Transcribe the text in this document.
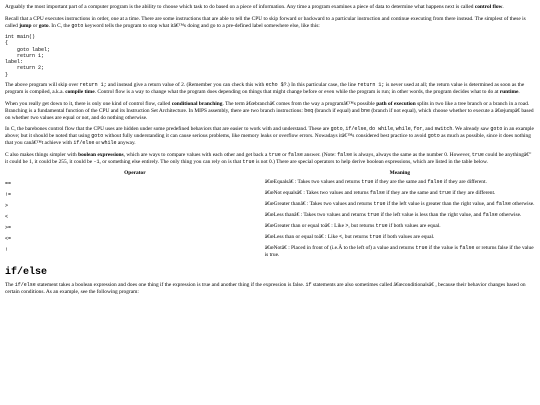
Arguably the most important part of a computer program is the ability to choose which task to do based on a piece of information. Any time a program examines a piece of data to determine what happens next is called control flow.

Recall that a CPU executes instructions in order, one at a time. There are some instructions that are able to tell the CPU to skip forward or backward to a particular instruction and continue executing from there instead. The simplest of these is called jump or goto. In C, the goto keyword tells the program to stop what itâ€™s doing and go to a pre-defined label somewhere else, like this:

int main()
{
goto label;
return 1;
label:
return 2;
}

The above program will skip over return 1; and instead give a return value of 2. (Remember you can check this with echo $?.) In this particular case, the line return 1; is never used at all; the return value is determined as soon as the program is compiled, a.k.a. compile time. Control flow is a way to change what the program does depending on things that might change before or even while the program is run; in other words, the program decides what to do at runtime.

When you really get down to it, there is only one kind of control flow, called conditional branching. The term â€œbranchâ€ comes from the way a programâ€™s possible path of execution splits in two like a tree branch or a branch in a road. Branching is a fundamental function of the CPU and its Instruction Set Architecture. In MIPS assembly, there are two branch instructions: beq (branch if equal) and bne (branch if not equal), which choose whether to execute a â€œjumpâ€ based on whether two values are equal or not, and do nothing otherwise.

In C, the barebones control flow that the CPU uses are hidden under some predefined behaviors that are easier to work with and understand. These are goto, if/else, do while, while, for, and switch. We already saw goto in an example above; but it should be noted that using goto without fully understanding it can cause serious problems, like memory leaks or overflow errors. Nowadays itâ€™s considered best practice to avoid goto as much as possible, since it does nothing that you canâ€™t achieve with if/else or while anyway.

C also makes things simpler with boolean expressions, which are ways to compare values with each other and get back a true or false answer. (Note: false is always, always the same as the number 0. However, true could be anythingâ€” it could be 1, it could be 255, it could be -1, or something else entirely. The only thing you can rely on is that true is not 0.) There are special operators to help derive boolean expressions, which are listed in the table below.

Operator	Meaning
==	â€œEqualsâ€ : Takes two values and returns true if they are the same and false if they are different.
!=	â€œNot equalsâ€ : Takes two values and returns false if they are the same and true if they are different.
>	â€œGreater thanâ€ : Takes two values and returns true if the left value is greater than the right value, and false otherwise.
<	â€œLess thanâ€ : Takes two values and returns true if the left value is less than the right value, and false otherwise.
>=	â€œGreater than or equal toâ€ : Like >, but returns true if both values are equal.
<=	â€œLess than or equal toâ€ : Like <, but returns true if both values are equal.
!	â€œNotâ€ : Placed in front of (i.e.Â to the left of) a value and returns true if the value is false or returns false if the value is true.
if/else

The if/else statement takes a boolean expression and does one thing if the expression is true and another thing if the expression is false. if statements are also sometimes called â€œconditionalsâ€ , because their behavior changes based on certain conditions. As an example, see the following program:
